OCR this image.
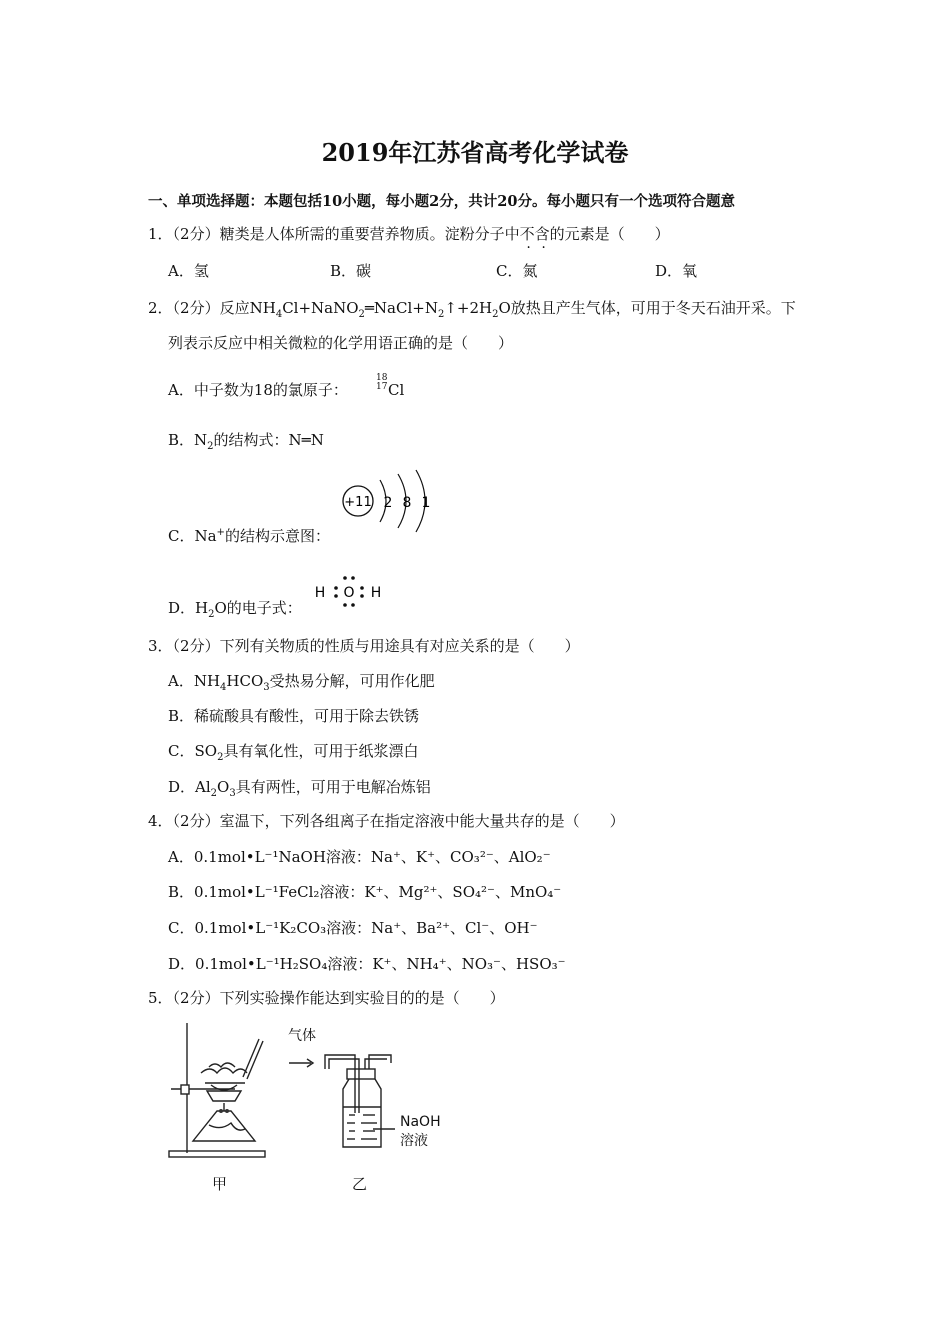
2019年江苏省高考化学试卷
一、单项选择题：本题包括10小题，每小题2分，共计20分。每小题只有一个选项符合题意
1．（2分）糖类是人体所需的重要营养物质。淀粉分子中不含的元素是（　　）
A．氢	B．碳	C．氮	D．氧
2．（2分）反应$NH_4Cl+NaNO_2═NaCl+N_2↑+2H_2O$放热且产生气体，可用于冬天石油开采。下
列表示反应中相关微粒的化学用语正确的是（　　）
A．中子数为18的氯原子：
18
17 Cl
B．$N_2$的结构式：N═N
C．Na+的结构示意图：
+11 2 8 1
D．$H_2O$的电子式：
H O H
3．（2分）下列有关物质的性质与用途具有对应关系的是（　　）
A．$NH_4HCO_3$受热易分解，可用作化肥
B．稀硫酸具有酸性，可用于除去铁锈
C．$SO_2$具有氧化性，可用于纸浆漂白
D．$Al_2O_3$具有两性，可用于电解冶炼铝
4．（2分）室温下，下列各组离子在指定溶液中能大量共存的是（　　）
A．0.1mol•L⁻¹NaOH溶液：Na⁺、K⁺、CO₃²⁻、AlO₂⁻
B．0.1mol•L⁻¹FeCl₂溶液：K⁺、Mg²⁺、SO₄²⁻、MnO₄⁻
C．0.1mol•L⁻¹K₂CO₃溶液：Na⁺、Ba²⁺、Cl⁻、OH⁻
D．0.1mol•L⁻¹H₂SO₄溶液：K⁺、NH₄⁺、NO₃⁻、HSO₃⁻
5．（2分）下列实验操作能达到实验目的的是（　　）
甲
气体
NaOH
溶液
乙
